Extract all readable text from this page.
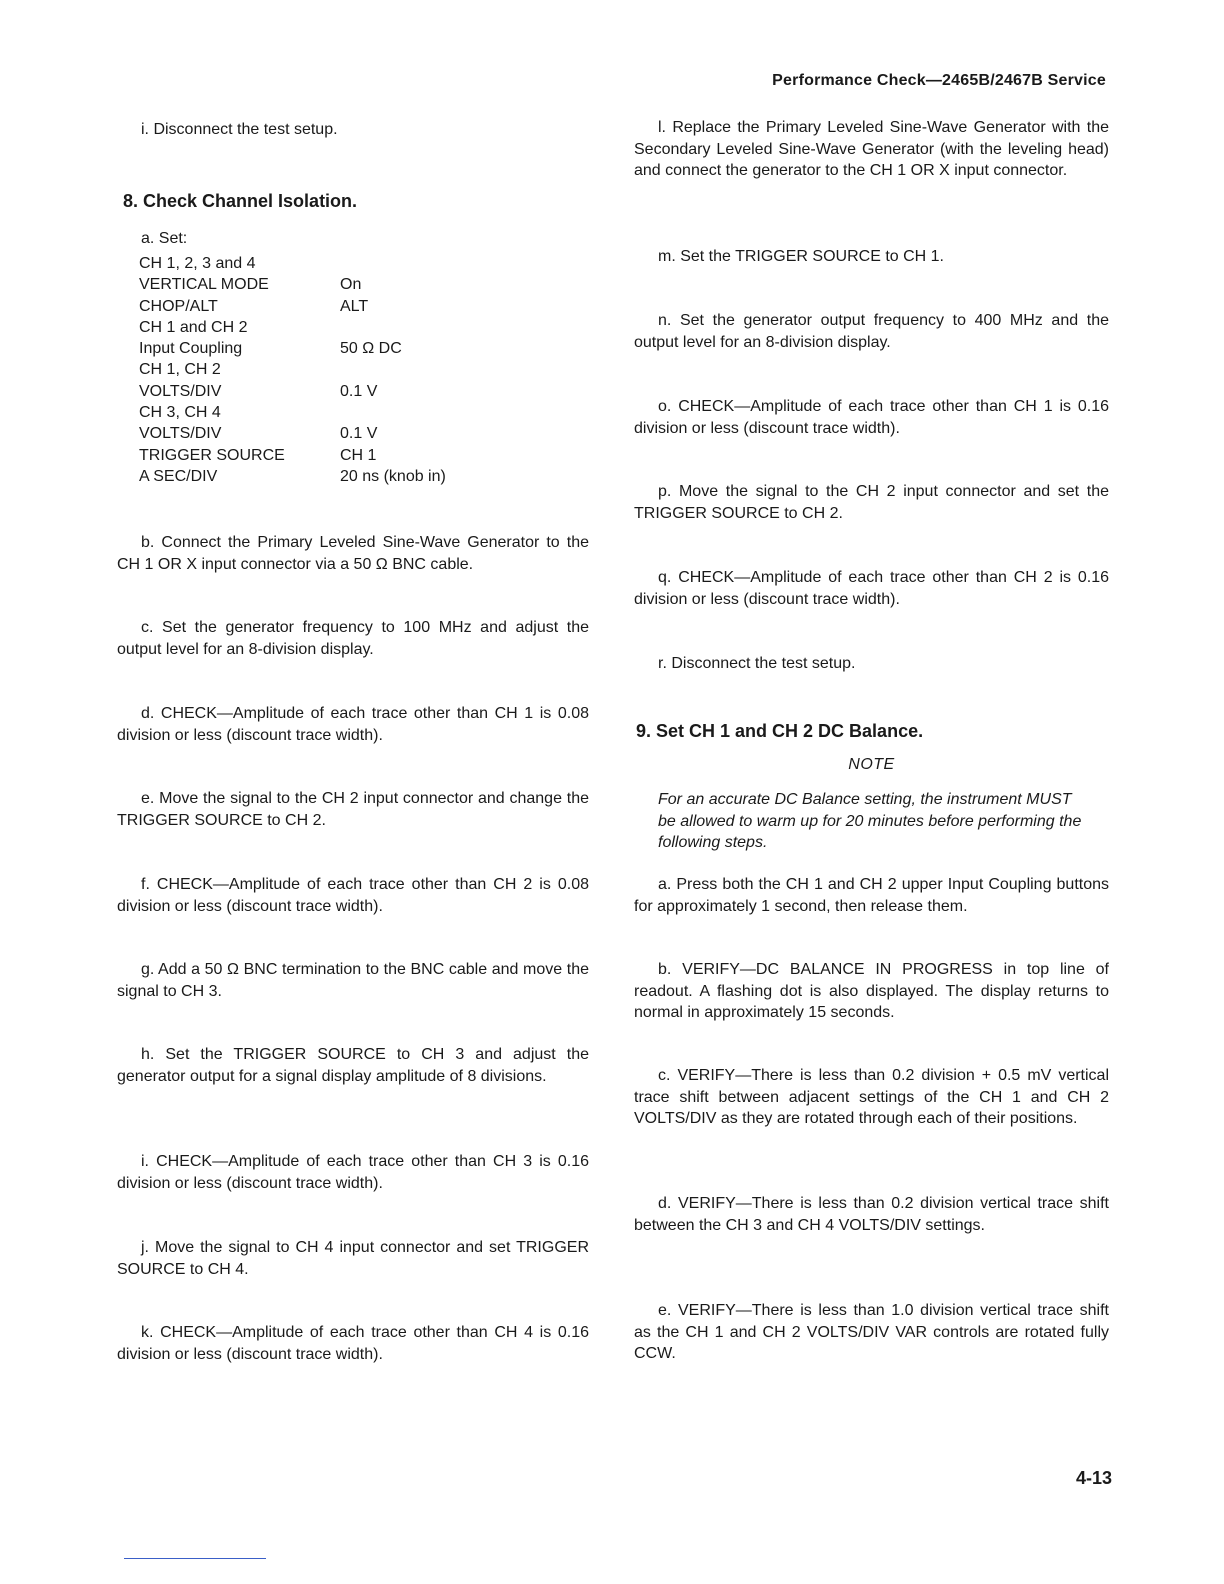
Performance Check—2465B/2467B Service

i. Disconnect the test setup.

8. Check Channel Isolation.

a. Set:

CH 1, 2, 3 and 4	
VERTICAL MODE	On
CHOP/ALT	ALT
CH 1 and CH 2	
Input Coupling	50 Ω DC
CH 1, CH 2	
VOLTS/DIV	0.1 V
CH 3, CH 4	
VOLTS/DIV	0.1 V
TRIGGER SOURCE	CH 1
A SEC/DIV	20 ns (knob in)

b. Connect the Primary Leveled Sine-Wave Generator to the CH 1 OR X input connector via a 50 Ω BNC cable.

c. Set the generator frequency to 100 MHz and adjust the output level for an 8-division display.

d. CHECK—Amplitude of each trace other than CH 1 is 0.08 division or less (discount trace width).

e. Move the signal to the CH 2 input connector and change the TRIGGER SOURCE to CH 2.

f. CHECK—Amplitude of each trace other than CH 2 is 0.08 division or less (discount trace width).

g. Add a 50 Ω BNC termination to the BNC cable and move the signal to CH 3.

h. Set the TRIGGER SOURCE to CH 3 and adjust the generator output for a signal display amplitude of 8 divisions.

i. CHECK—Amplitude of each trace other than CH 3 is 0.16 division or less (discount trace width).

j. Move the signal to CH 4 input connector and set TRIGGER SOURCE to CH 4.

k. CHECK—Amplitude of each trace other than CH 4 is 0.16 division or less (discount trace width).

l. Replace the Primary Leveled Sine-Wave Generator with the Secondary Leveled Sine-Wave Generator (with the leveling head) and connect the generator to the CH 1 OR X input connector.

m. Set the TRIGGER SOURCE to CH 1.

n. Set the generator output frequency to 400 MHz and the output level for an 8-division display.

o. CHECK—Amplitude of each trace other than CH 1 is 0.16 division or less (discount trace width).

p. Move the signal to the CH 2 input connector and set the TRIGGER SOURCE to CH 2.

q. CHECK—Amplitude of each trace other than CH 2 is 0.16 division or less (discount trace width).

r. Disconnect the test setup.

9. Set CH 1 and CH 2 DC Balance.
NOTE

For an accurate DC Balance setting, the instrument MUST be allowed to warm up for 20 minutes before performing the following steps.

a. Press both the CH 1 and CH 2 upper Input Coupling buttons for approximately 1 second, then release them.

b. VERIFY—DC BALANCE IN PROGRESS in top line of readout. A flashing dot is also displayed. The display returns to normal in approximately 15 seconds.

c. VERIFY—There is less than 0.2 division + 0.5 mV vertical trace shift between adjacent settings of the CH 1 and CH 2 VOLTS/DIV as they are rotated through each of their positions.

d. VERIFY—There is less than 0.2 division vertical trace shift between the CH 3 and CH 4 VOLTS/DIV settings.

e. VERIFY—There is less than 1.0 division vertical trace shift as the CH 1 and CH 2 VOLTS/DIV VAR controls are rotated fully CCW.

4-13
